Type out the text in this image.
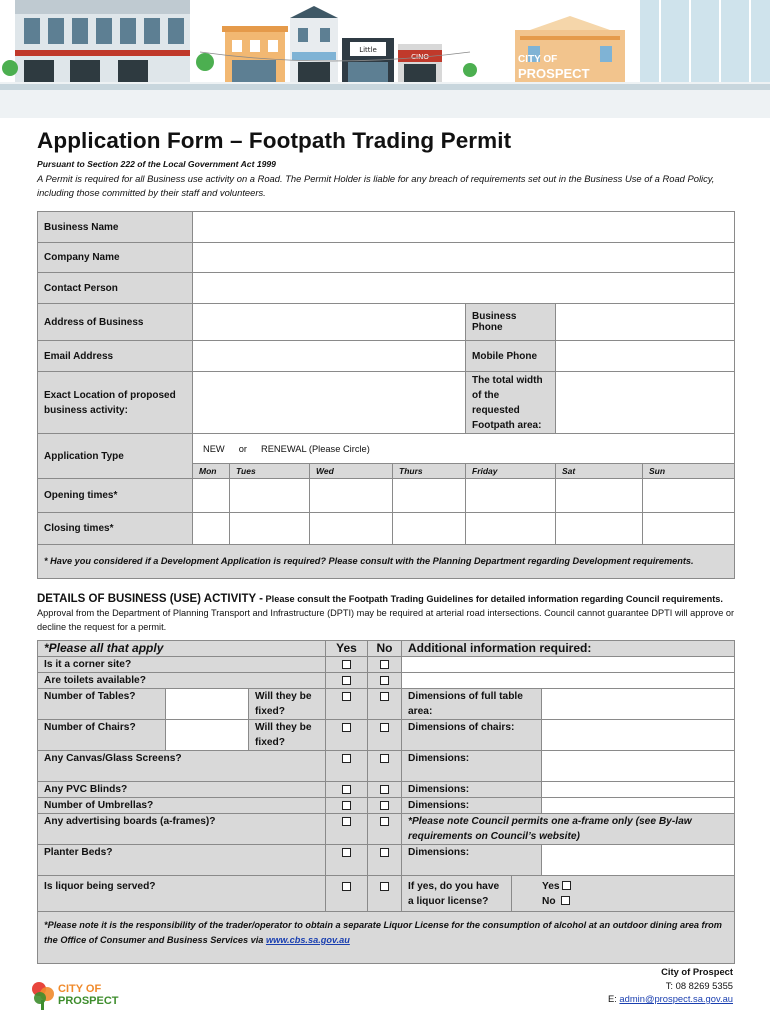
Little
CINO	CITY OF
PROSPECT
Application Form – Footpath Trading Permit
Pursuant to Section 222 of the Local Government Act 1999
A Permit is required for all Business use activity on a Road. The Permit Holder is liable for any breach of requirements set out in the Business Use of a Road Policy, including those committed by their staff and volunteers.
Business Name							
Company Name							
Contact Person							
Address of Business					Business Phone		
Email Address					Mobile Phone		
Exact Location of proposed business activity:					The total width of the requested Footpath area:		
Application Type	NEW or RENEWAL (Please Circle)						
	Mon	Tues	Wed	Thurs	Friday	Sat	Sun
Opening times*							
Closing times*							
* Have you considered if a Development Application is required? Please consult with the Planning Department regarding Development requirements.							
DETAILS OF BUSINESS (USE) ACTIVITY - Please consult the Footpath Trading Guidelines for detailed information regarding Council requirements. Approval from the Department of Planning Transport and Infrastructure (DPTI) may be required at arterial road intersections. Council cannot guarantee DPTI will approve or decline the request for a permit.
*Please all that apply			Yes	No	Additional information required:		
Is it a corner site?							
Are toilets available?							
Number of Tables?		Will they be fixed?			Dimensions of full table area:		
Number of Chairs?		Will they be fixed?			Dimensions of chairs:		
Any Canvas/Glass Screens?					Dimensions:		
Any PVC Blinds?					Dimensions:		
Number of Umbrellas?					Dimensions:		
Any advertising boards (a-frames)?					*Please note Council permits one a-frame only (see By-law requirements on Council’s website)		
Planter Beds?					Dimensions:		
Is liquor being served?					If yes, do you have a liquor license?	Yes
No	

*Please note it is the responsibility of the trader/operator to obtain a separate Liquor License for the consumption of alcohol at an outdoor dining area from the Office of Consumer and Business Services via www.cbs.sa.gov.au							
CITY OF
PROSPECT
City of Prospect
T: 08 8269 5355
E: admin@prospect.sa.gov.au
